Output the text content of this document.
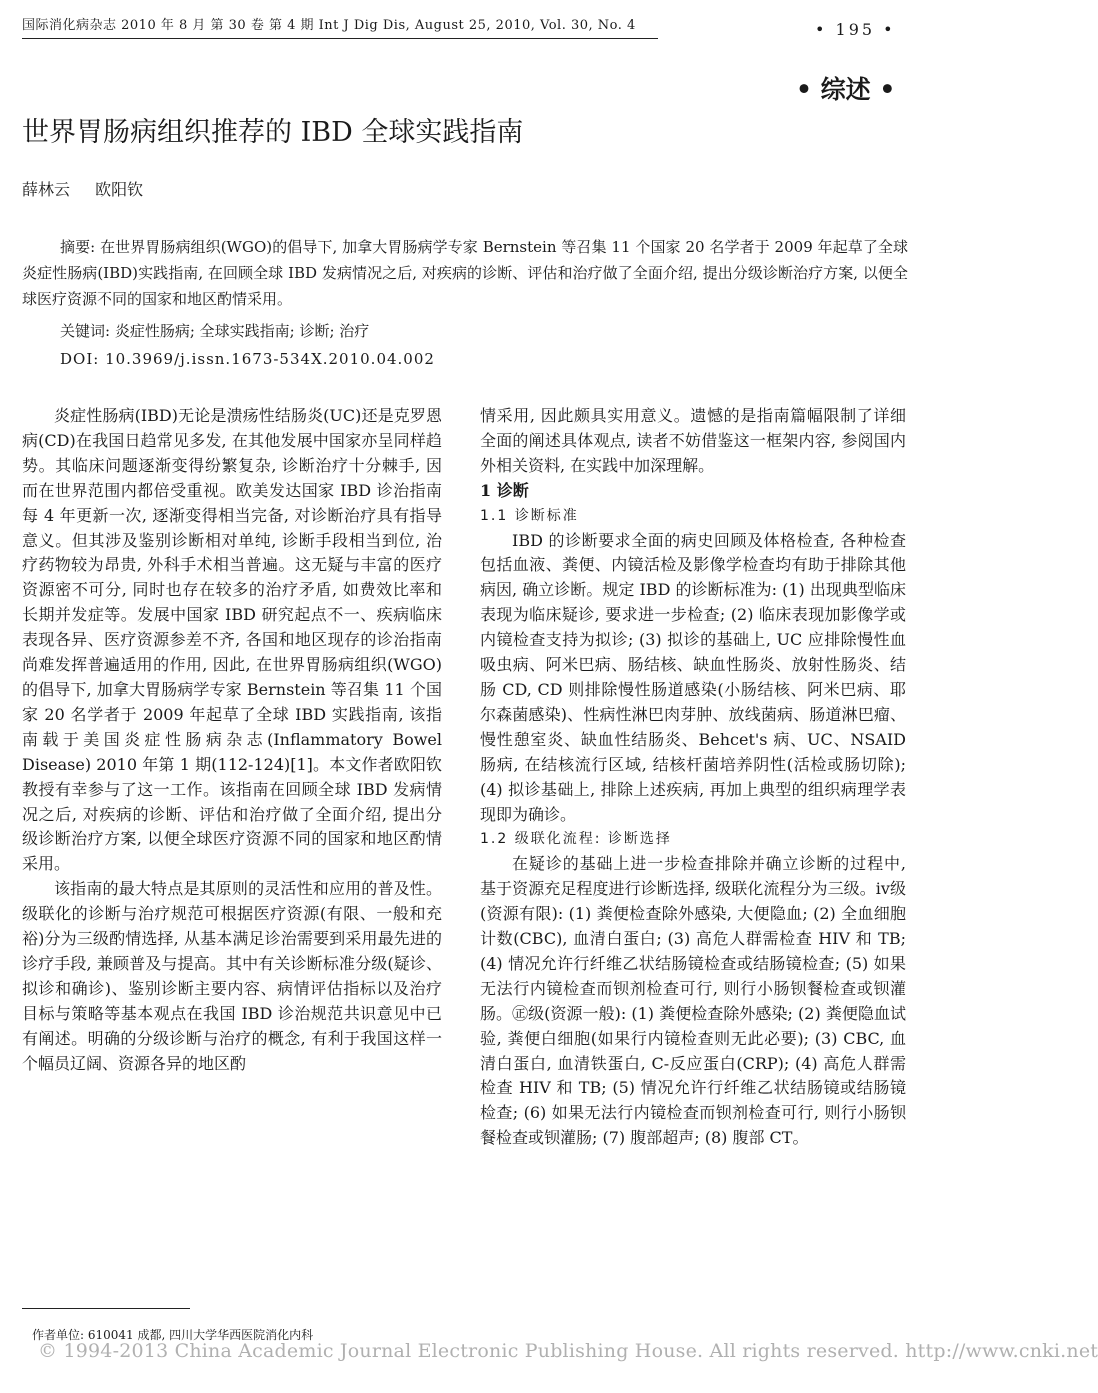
国际消化病杂志 2010 年 8 月 第 30 卷 第 4 期 Int J Dig Dis, August 25, 2010, Vol. 30, No. 4	• 195 •
• 综述 •
世界胃肠病组织推荐的 IBD 全球实践指南
薛林云 欧阳钦

摘要: 在世界胃肠病组织(WGO)的倡导下, 加拿大胃肠病学专家 Bernstein 等召集 11 个国家 20 名学者于 2009 年起草了全球炎症性肠病(IBD)实践指南, 在回顾全球 IBD 发病情况之后, 对疾病的诊断、评估和治疗做了全面介绍, 提出分级诊断治疗方案, 以便全球医疗资源不同的国家和地区酌情采用。

关键词: 炎症性肠病; 全球实践指南; 诊断; 治疗
DOI: 10.3969/j.issn.1673-534X.2010.04.002

炎症性肠病(IBD)无论是溃疡性结肠炎(UC)还是克罗恩病(CD)在我国日趋常见多发, 在其他发展中国家亦呈同样趋势。其临床问题逐渐变得纷繁复杂, 诊断治疗十分棘手, 因而在世界范围内都倍受重视。欧美发达国家 IBD 诊治指南每 4 年更新一次, 逐渐变得相当完备, 对诊断治疗具有指导意义。但其涉及鉴别诊断相对单纯, 诊断手段相当到位, 治疗药物较为昂贵, 外科手术相当普遍。这无疑与丰富的医疗资源密不可分, 同时也存在较多的治疗矛盾, 如费效比率和长期并发症等。发展中国家 IBD 研究起点不一、疾病临床表现各异、医疗资源参差不齐, 各国和地区现存的诊治指南尚难发挥普遍适用的作用, 因此, 在世界胃肠病组织(WGO)的倡导下, 加拿大胃肠病学专家 Bernstein 等召集 11 个国家 20 名学者于 2009 年起草了全球 IBD 实践指南, 该指南载于美国炎症性肠病杂志(Inflammatory Bowel Disease) 2010 年第 1 期(112-124)[1]。本文作者欧阳钦教授有幸参与了这一工作。该指南在回顾全球 IBD 发病情况之后, 对疾病的诊断、评估和治疗做了全面介绍, 提出分级诊断治疗方案, 以便全球医疗资源不同的国家和地区酌情采用。

该指南的最大特点是其原则的灵活性和应用的普及性。级联化的诊断与治疗规范可根据医疗资源(有限、一般和充裕)分为三级酌情选择, 从基本满足诊治需要到采用最先进的诊疗手段, 兼顾普及与提高。其中有关诊断标准分级(疑诊、拟诊和确诊)、鉴别诊断主要内容、病情评估指标以及治疗目标与策略等基本观点在我国 IBD 诊治规范共识意见中已有阐述。明确的分级诊断与治疗的概念, 有利于我国这样一个幅员辽阔、资源各异的地区酌

情采用, 因此颇具实用意义。遗憾的是指南篇幅限制了详细全面的阐述具体观点, 读者不妨借鉴这一框架内容, 参阅国内外相关资料, 在实践中加深理解。

1 诊断

1.1 诊断标准

IBD 的诊断要求全面的病史回顾及体格检查, 各种检查包括血液、粪便、内镜活检及影像学检查均有助于排除其他病因, 确立诊断。规定 IBD 的诊断标准为: (1) 出现典型临床表现为临床疑诊, 要求进一步检查; (2) 临床表现加影像学或内镜检查支持为拟诊; (3) 拟诊的基础上, UC 应排除慢性血吸虫病、阿米巴病、肠结核、缺血性肠炎、放射性肠炎、结肠 CD, CD 则排除慢性肠道感染(小肠结核、阿米巴病、耶尔森菌感染)、性病性淋巴肉芽肿、放线菌病、肠道淋巴瘤、慢性憩室炎、缺血性结肠炎、Behcet's 病、UC、NSAID 肠病, 在结核流行区域, 结核杆菌培养阴性(活检或肠切除); (4) 拟诊基础上, 排除上述疾病, 再加上典型的组织病理学表现即为确诊。

1.2 级联化流程: 诊断选择

在疑诊的基础上进一步检查排除并确立诊断的过程中, 基于资源充足程度进行诊断选择, 级联化流程分为三级。iv级(资源有限): (1) 粪便检查除外感染, 大便隐血; (2) 全血细胞计数(CBC), 血清白蛋白; (3) 高危人群需检查 HIV 和 TB; (4) 情况允许行纤维乙状结肠镜检查或结肠镜检查; (5) 如果无法行内镜检查而钡剂检查可行, 则行小肠钡餐检查或钡灌肠。㊣级(资源一般): (1) 粪便检查除外感染; (2) 粪便隐血试验, 粪便白细胞(如果行内镜检查则无此必要); (3) CBC, 血清白蛋白, 血清铁蛋白, C-反应蛋白(CRP); (4) 高危人群需检查 HIV 和 TB; (5) 情况允许行纤维乙状结肠镜或结肠镜检查; (6) 如果无法行内镜检查而钡剂检查可行, 则行小肠钡餐检查或钡灌肠; (7) 腹部超声; (8) 腹部 CT。

作者单位: 610041 成都, 四川大学华西医院消化内科
© 1994-2013 China Academic Journal Electronic Publishing House. All rights reserved. http://www.cnki.net
